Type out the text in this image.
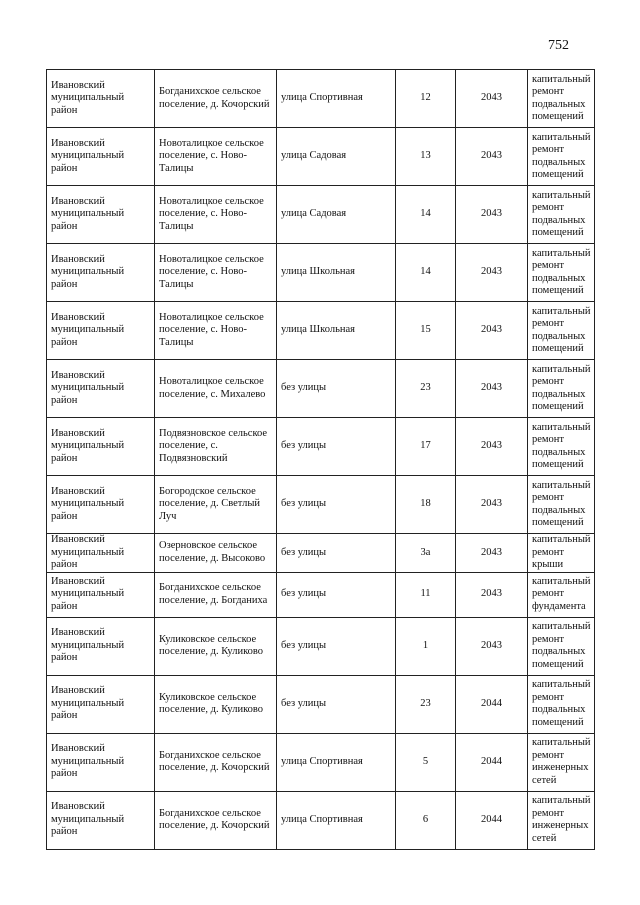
752
Ивановский муниципальный район	Богданихское сельское поселение, д. Кочорский	улица Спортивная	12	2043	капитальный ремонт подвальных помещений
Ивановский муниципальный район	Новоталицкое сельское поселение, с. Ново-Талицы	улица Садовая	13	2043	капитальный ремонт подвальных помещений
Ивановский муниципальный район	Новоталицкое сельское поселение, с. Ново-Талицы	улица Садовая	14	2043	капитальный ремонт подвальных помещений
Ивановский муниципальный район	Новоталицкое сельское поселение, с. Ново-Талицы	улица Школьная	14	2043	капитальный ремонт подвальных помещений
Ивановский муниципальный район	Новоталицкое сельское поселение, с. Ново-Талицы	улица Школьная	15	2043	капитальный ремонт подвальных помещений
Ивановский муниципальный район	Новоталицкое сельское поселение, с. Михалево	без улицы	23	2043	капитальный ремонт подвальных помещений
Ивановский муниципальный район	Подвязновское сельское поселение, с. Подвязновский	без улицы	17	2043	капитальный ремонт подвальных помещений
Ивановский муниципальный район	Богородское сельское поселение, д. Светлый Луч	без улицы	18	2043	капитальный ремонт подвальных помещений
Ивановский муниципальный район	Озерновское сельское поселение, д. Высоково	без улицы	3а	2043	капитальный ремонт крыши
Ивановский муниципальный район	Богданихское сельское поселение, д. Богданиха	без улицы	11	2043	капитальный ремонт фундамента
Ивановский муниципальный район	Куликовское сельское поселение, д. Куликово	без улицы	1	2043	капитальный ремонт подвальных помещений
Ивановский муниципальный район	Куликовское сельское поселение, д. Куликово	без улицы	23	2044	капитальный ремонт подвальных помещений
Ивановский муниципальный район	Богданихское сельское поселение, д. Кочорский	улица Спортивная	5	2044	капитальный ремонт инженерных сетей
Ивановский муниципальный район	Богданихское сельское поселение, д. Кочорский	улица Спортивная	6	2044	капитальный ремонт инженерных сетей
